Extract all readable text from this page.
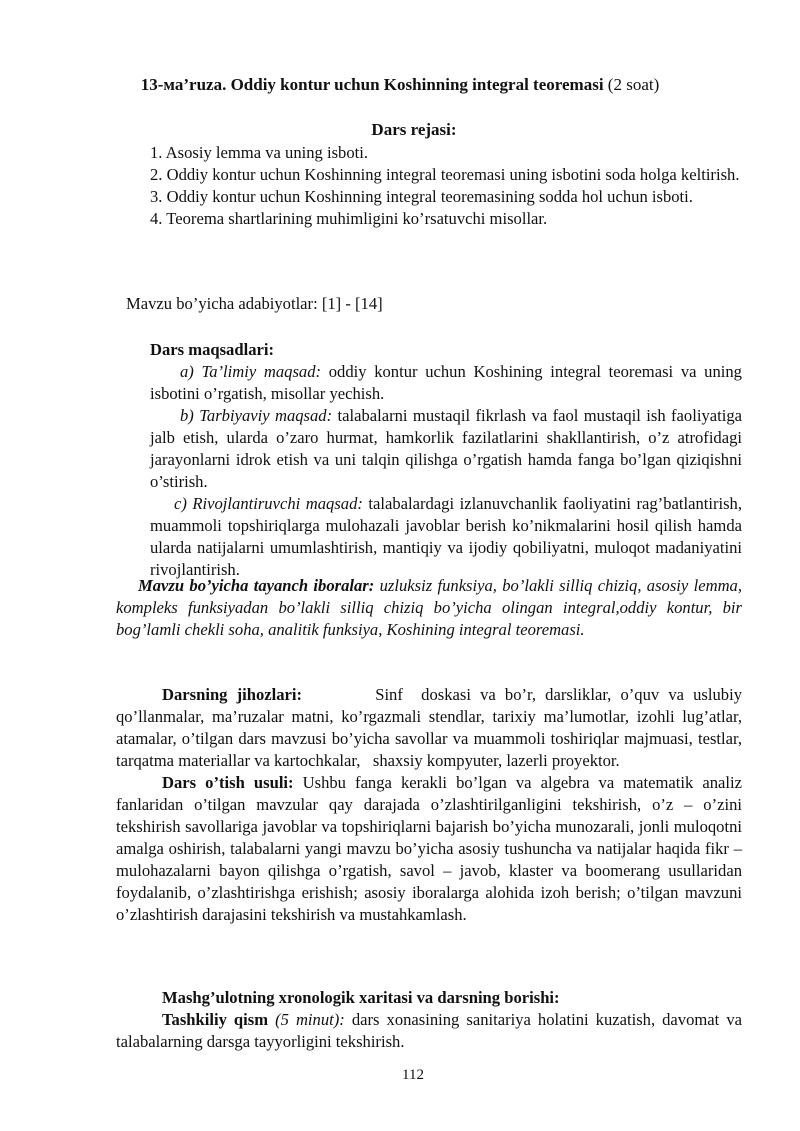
13-ма’ruza. Oddiy kontur uchun Koshinning integral teoremasi (2 soat)
Dars rejasi:

1. Asosiy lemma va uning isboti.

2. Oddiy kontur uchun Koshinning integral teoremasi uning isbotini soda holga keltirish.

3. Oddiy kontur uchun Koshinning integral teoremasining sodda hol uchun isboti.

4. Teorema shartlarining muhimligini ko’rsatuvchi misollar.

Mavzu bo’yicha adabiyotlar: [1] - [14]
Dars maqsadlari:

a) Ta’limiy maqsad: oddiy kontur uchun Koshining integral teoremasi va uning isbotini o’rgatish, misollar yechish.

b) Tarbiyaviy maqsad: talabalarni mustaqil fikrlash va faol mustaqil ish faoliyatiga jalb etish, ularda o’zaro hurmat, hamkorlik fazilatlarini shakllantirish, o’z atrofidagi jarayonlarni idrok etish va uni talqin qilishga o’rgatish hamda fanga bo’lgan qiziqishni o’stirish.

c) Rivojlantiruvchi maqsad: talabalardagi izlanuvchanlik faoliyatini rag’batlantirish, muammoli topshiriqlarga mulohazali javoblar berish ko’nikmalarini hosil qilish hamda ularda natijalarni umumlashtirish, mantiqiy va ijodiy qobiliyatni, muloqot madaniyatini rivojlantirish.

Mavzu bo’yicha tayanch iboralar: uzluksiz funksiya, bo’lakli silliq chiziq, asosiy lemma, kompleks funksiyadan bo’lakli silliq chiziq bo’yicha olingan integral,oddiy kontur, bir bog’lamli chekli soha, analitik funksiya, Koshining integral teoremasi.

Darsning jihozlari:        Sinf  doskasi va bo’r, darsliklar, o’quv va uslubiy qo’llanmalar, ma’ruzalar matni, ko’rgazmali stendlar, tarixiy ma’lumotlar, izohli lug’atlar, atamalar, o’tilgan dars mavzusi bo’yicha savollar va muammoli toshiriqlar majmuasi, testlar, tarqatma materiallar va kartochkalar,   shaxsiy kompyuter, lazerli proyektor.

Dars o’tish usuli: Ushbu fanga kerakli bo’lgan va algebra va matematik analiz fanlaridan o’tilgan mavzular qay darajada o’zlashtirilganligini tekshirish, o’z – o’zini tekshirish savollariga javoblar va topshiriqlarni bajarish bo’yicha munozarali, jonli muloqotni amalga oshirish, talabalarni yangi mavzu bo’yicha asosiy tushuncha va natijalar haqida fikr – mulohazalarni bayon qilishga o’rgatish, savol – javob, klaster va boomerang usullaridan foydalanib, o’zlashtirishga erishish; asosiy iboralarga alohida izoh berish; o’tilgan mavzuni o’zlashtirish darajasini tekshirish va mustahkamlash.

Mashg’ulotning xronologik xaritasi va darsning borishi:
Tashkiliy qism (5 minut): dars xonasining sanitariya holatini kuzatish, davomat va talabalarning darsga tayyorligini tekshirish.
112
